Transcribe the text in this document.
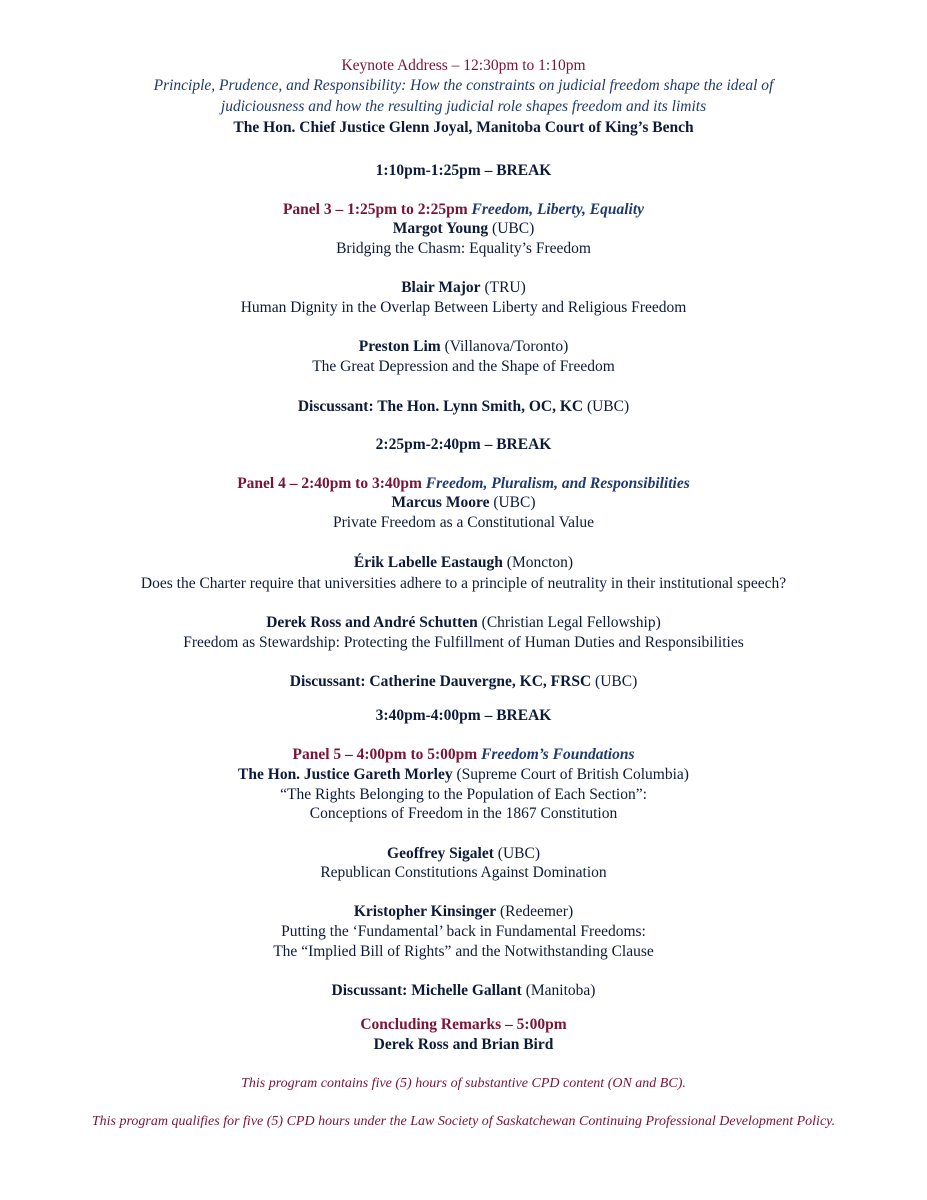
Keynote Address – 12:30pm to 1:10pm
Principle, Prudence, and Responsibility: How the constraints on judicial freedom shape the ideal of
judiciousness and how the resulting judicial role shapes freedom and its limits
The Hon. Chief Justice Glenn Joyal, Manitoba Court of King’s Bench
1:10pm-1:25pm – BREAK
Panel 3 – 1:25pm to 2:25pm Freedom, Liberty, Equality
Margot Young (UBC)
Bridging the Chasm: Equality’s Freedom
Blair Major (TRU)
Human Dignity in the Overlap Between Liberty and Religious Freedom
Preston Lim (Villanova/Toronto)
The Great Depression and the Shape of Freedom
Discussant: The Hon. Lynn Smith, OC, KC (UBC)
2:25pm-2:40pm – BREAK
Panel 4 – 2:40pm to 3:40pm Freedom, Pluralism, and Responsibilities
Marcus Moore (UBC)
Private Freedom as a Constitutional Value
Érik Labelle Eastaugh (Moncton)
Does the Charter require that universities adhere to a principle of neutrality in their institutional speech?
Derek Ross and André Schutten (Christian Legal Fellowship)
Freedom as Stewardship: Protecting the Fulfillment of Human Duties and Responsibilities
Discussant: Catherine Dauvergne, KC, FRSC (UBC)
3:40pm-4:00pm – BREAK
Panel 5 – 4:00pm to 5:00pm Freedom’s Foundations
The Hon. Justice Gareth Morley (Supreme Court of British Columbia)
“The Rights Belonging to the Population of Each Section”:
Conceptions of Freedom in the 1867 Constitution
Geoffrey Sigalet (UBC)
Republican Constitutions Against Domination
Kristopher Kinsinger (Redeemer)
Putting the ‘Fundamental’ back in Fundamental Freedoms:
The “Implied Bill of Rights” and the Notwithstanding Clause
Discussant: Michelle Gallant (Manitoba)
Concluding Remarks – 5:00pm
Derek Ross and Brian Bird
This program contains five (5) hours of substantive CPD content (ON and BC).
This program qualifies for five (5) CPD hours under the Law Society of Saskatchewan Continuing Professional Development Policy.
